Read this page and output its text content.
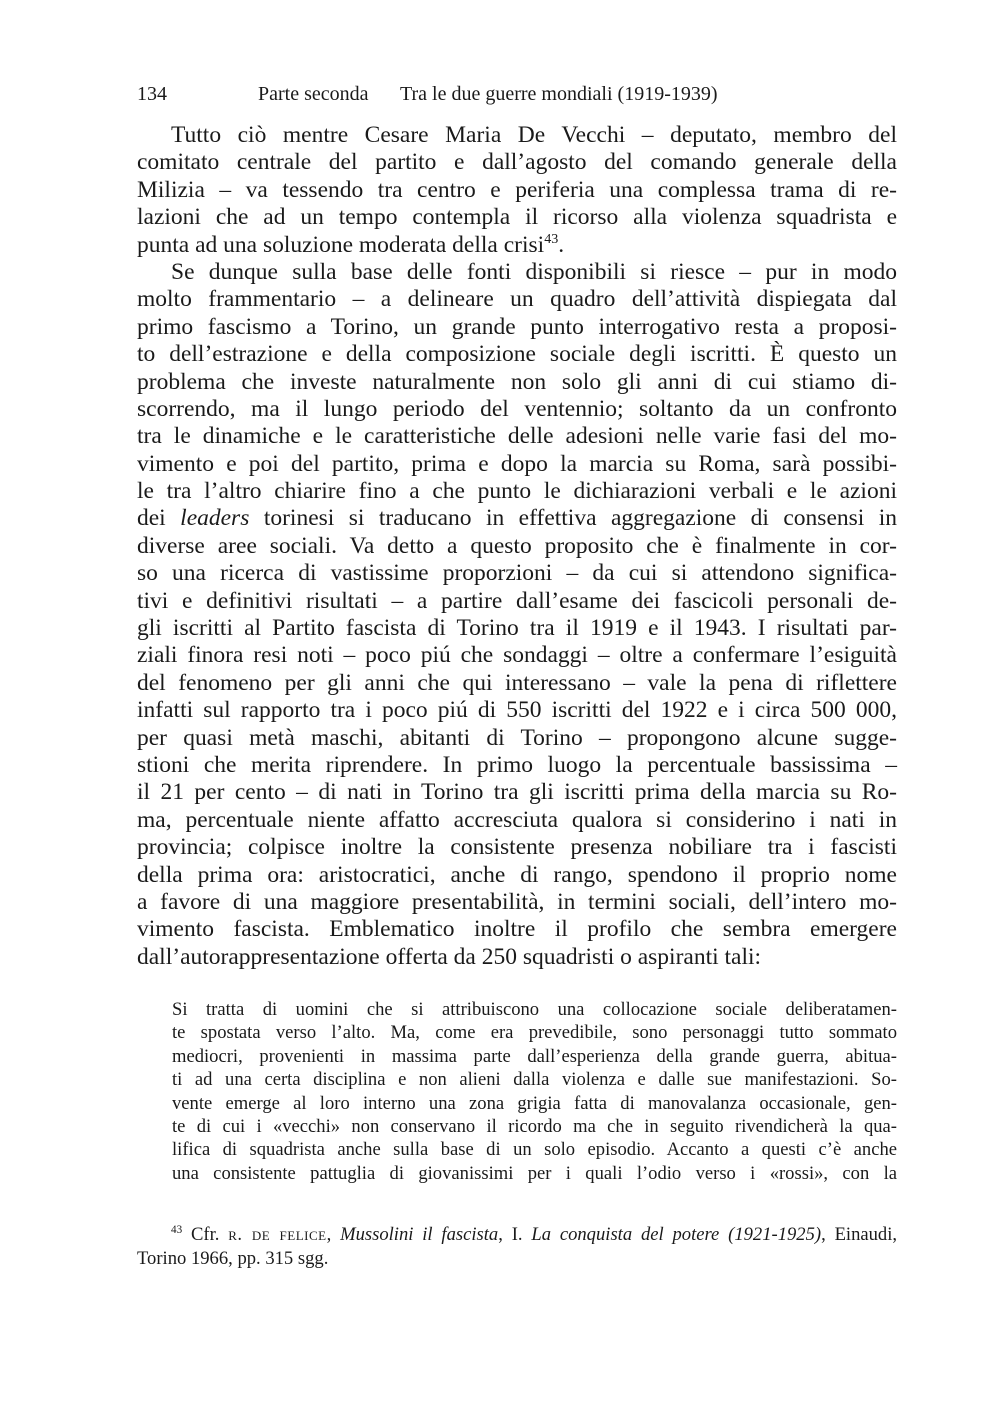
134	Parte seconda Tra le due guerre mondiali (1919-1939)
Tutto ciò mentre Cesare Maria De Vecchi – deputato, membro del
comitato centrale del partito e dall’agosto del comando generale della
Milizia – va tessendo tra centro e periferia una complessa trama di re-
lazioni che ad un tempo contempla il ricorso alla violenza squadrista e
punta ad una soluzione moderata della crisi$^{43}$.
Se dunque sulla base delle fonti disponibili si riesce – pur in modo
molto frammentario – a delineare un quadro dell’attività dispiegata dal
primo fascismo a Torino, un grande punto interrogativo resta a proposi-
to dell’estrazione e della composizione sociale degli iscritti. È questo un
problema che investe naturalmente non solo gli anni di cui stiamo di-
scorrendo, ma il lungo periodo del ventennio; soltanto da un confronto
tra le dinamiche e le caratteristiche delle adesioni nelle varie fasi del mo-
vimento e poi del partito, prima e dopo la marcia su Roma, sarà possibi-
le tra l’altro chiarire fino a che punto le dichiarazioni verbali e le azioni
dei leaders torinesi si traducano in effettiva aggregazione di consensi in
diverse aree sociali. Va detto a questo proposito che è finalmente in cor-
so una ricerca di vastissime proporzioni – da cui si attendono significa-
tivi e definitivi risultati – a partire dall’esame dei fascicoli personali de-
gli iscritti al Partito fascista di Torino tra il 1919 e il 1943. I risultati par-
ziali finora resi noti – poco piú che sondaggi – oltre a confermare l’esiguità
del fenomeno per gli anni che qui interessano – vale la pena di riflettere
infatti sul rapporto tra i poco piú di 550 iscritti del 1922 e i circa 500 000,
per quasi metà maschi, abitanti di Torino – propongono alcune sugge-
stioni che merita riprendere. In primo luogo la percentuale bassissima –
il 21 per cento – di nati in Torino tra gli iscritti prima della marcia su Ro-
ma, percentuale niente affatto accresciuta qualora si considerino i nati in
provincia; colpisce inoltre la consistente presenza nobiliare tra i fascisti
della prima ora: aristocratici, anche di rango, spendono il proprio nome
a favore di una maggiore presentabilità, in termini sociali, dell’intero mo-
vimento fascista. Emblematico inoltre il profilo che sembra emergere
dall’autorappresentazione offerta da 250 squadristi o aspiranti tali:
Si tratta di uomini che si attribuiscono una collocazione sociale deliberatamen-
te spostata verso l’alto. Ma, come era prevedibile, sono personaggi tutto sommato
mediocri, provenienti in massima parte dall’esperienza della grande guerra, abitua-
ti ad una certa disciplina e non alieni dalla violenza e dalle sue manifestazioni. So-
vente emerge al loro interno una zona grigia fatta di manovalanza occasionale, gen-
te di cui i «vecchi» non conservano il ricordo ma che in seguito rivendicherà la qua-
lifica di squadrista anche sulla base di un solo episodio. Accanto a questi c’è anche
una consistente pattuglia di giovanissimi per i quali l’odio verso i «rossi», con la
$^{43}$ Cfr. r. de felice, Mussolini il fascista, I. La conquista del potere (1921-1925), Einaudi,
Torino 1966, pp. 315 sgg.
